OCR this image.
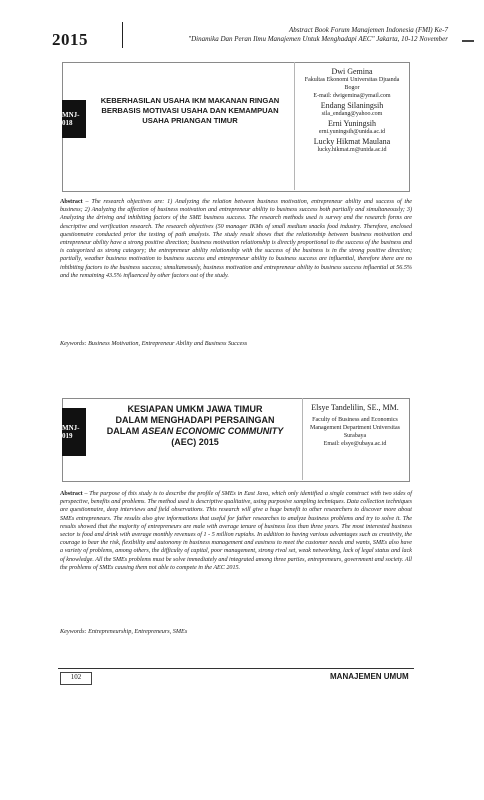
2015	Abstract Book Forum Manajemen Indonesia (FMI) Ke-7
"Dinamika Dan Peran Ilmu Manajemen Untuk Menghadapi AEC" Jakarta, 10-12 November
MNJ-018
KEBERHASILAN USAHA IKM MAKANAN RINGAN BERBASIS MOTIVASI USAHA DAN KEMAMPUAN USAHA PRIANGAN TIMUR
Dwi Gemina
Fakultas Ekonomi Universitas Djuanda Bogor
E-mail: dwigemina@ymail.com
Endang Silaningsih
sila_endang@yahoo.com
Erni Yuningsih
erni.yuningsih@unida.ac.id
Lucky Hikmat Maulana
lucky.hikmat.m@unida.ac.id
Abstract – The research objectives are: 1) Analyzing the relation between business motivation, entrepreneur ability and success of the business; 2) Analyzing the affection of business motivation and entrepreneur ability to business success both partially and simultaneously; 3) Analyzing the driving and inhibiting factors of the SME business success. The research methods used is survey and the research forms are descriptive and verification research. The research objectives (50 manager IKMs of small medium snacks food industry. Therefore, enclosed questionnaire conducted prior the testing of path analysis. The study result shows that the relationship between business motivation and entrepreneur ability have a strong positive direction; business motivation relationship is directly proportional to the success of the business and is categorized as strong category; the entrepreneur ability relationship with the success of the business is in the strong positive direction; partially, weather business motivation to business success and entrepreneur ability to business success are influential, therefore there are no inhibiting factors to the business success; simultaneously, business motivation and entrepreneur ability to business success influential at 56.5% and the remaining 43.5% influenced by other factors out of the study.
Keywords: Business Motivation, Entrepreneur Ability and Business Success
MNJ-019
KESIAPAN UMKM JAWA TIMUR
DALAM MENGHADAPI PERSAINGAN
DALAM ASEAN ECONOMIC COMMUNITY
(AEC) 2015
Elsye Tandelilin, SE., MM.
Faculty of Business and Economics Management Department Universitas Surabaya
Email: elsye@ubaya.ac.id
Abstract – The purpose of this study is to describe the profile of SMEs in East Java, which only identified a single construct with two sides of perspective, benefits and problems. The method used is descriptive qualitative, using purposive sampling techniques. Data collection techniques are questionnaire, deep interviews and field observations. This research will give a huge benefit to other researchers to discover more about SMEs entrepreneurs. The results also give informations that useful for father researches to analyze business problems and try to solve it. The results showed that the majority of entrepreneurs are male with average tenure of business less than three years. The most interested business sector is food and drink with average monthly revenues of 1 - 5 million rupiahs. In addition to having various advantages such as creativity, the courage to bear the risk, flexibility and autonomy in business management and easiness to meet the customer needs and wants, SMEs also have a variety of problems, among others, the difficulty of capital, poor management, strong rival set, weak networking, lack of legal status and lack of knowledge. All the SMEs problems must be solve immediately and integrated among three parties, entrepreneurs, government and society. All the problems of SMEs causing them not able to compete in the AEC 2015.
Keywords: Entrepreneurship, Entrepreneurs, SMEs
102	MANAJEMEN UMUM
